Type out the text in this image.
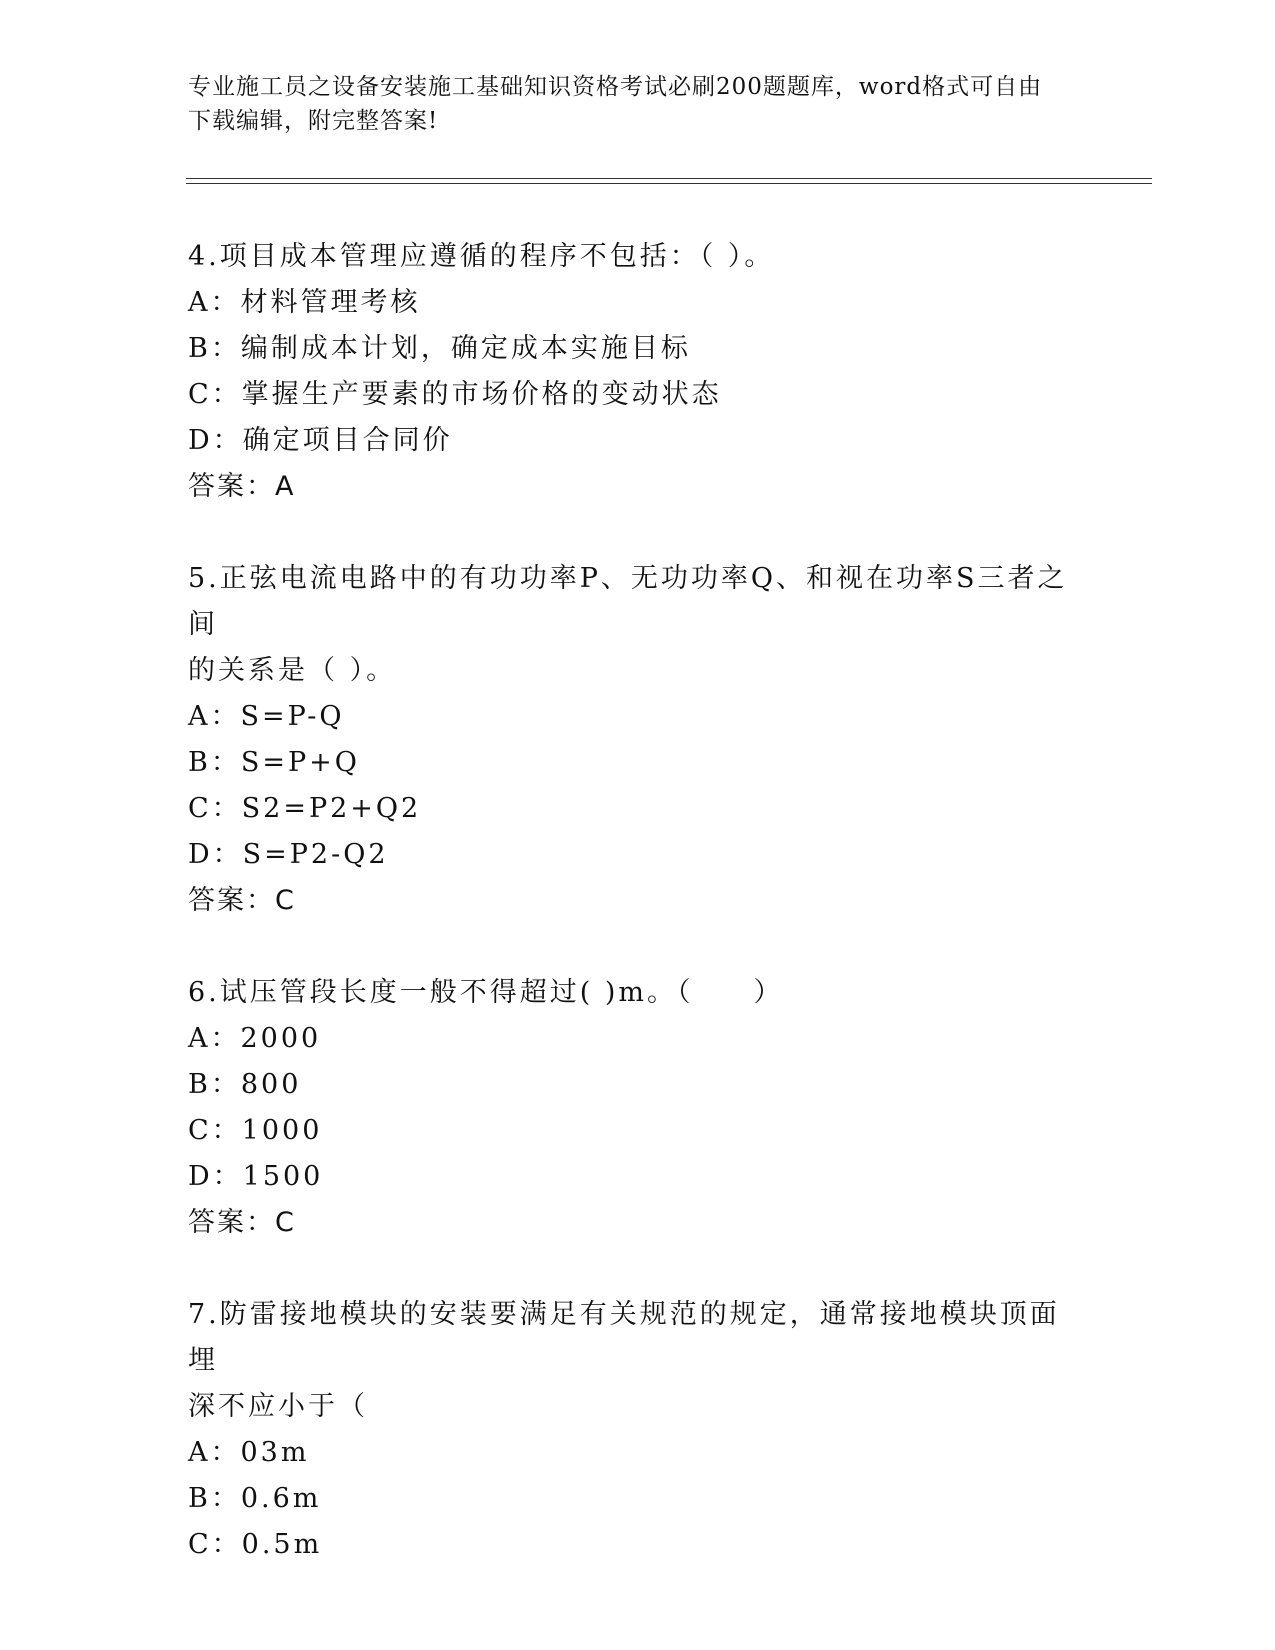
专业施工员之设备安装施工基础知识资格考试必刷200题题库，word格式可自由
下载编辑，附完整答案!
4.项目成本管理应遵循的程序不包括：（ ）。
A：材料管理考核
B：编制成本计划，确定成本实施目标
C：掌握生产要素的市场价格的变动状态
D：确定项目合同价
答案：A
5.正弦电流电路中的有功功率P、无功功率Q、和视在功率S三者之间
的关系是（ ）。
A：S=P-Q
B：S=P+Q
C：S2=P2+Q2
D：S=P2-Q2
答案：C
6.试压管段长度一般不得超过( )m。（　　）
A：2000
B：800
C：1000
D：1500
答案：C
7.防雷接地模块的安装要满足有关规范的规定，通常接地模块顶面埋
深不应小于（
A：03m
B：0.6m
C：0.5m
